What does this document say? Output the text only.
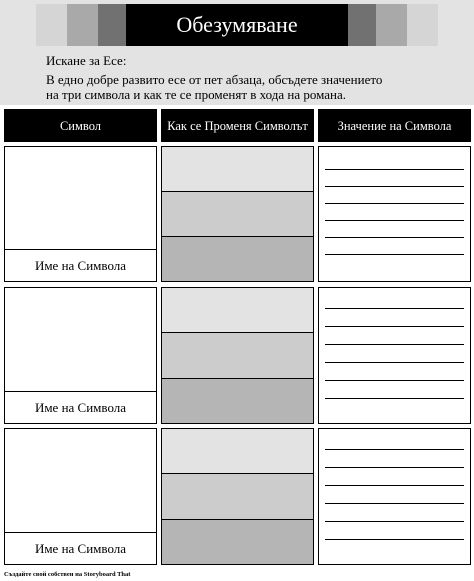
Обезумяване
Искане за Есе:
В едно добре развито есе от пет абзаца, обсъдете значението на три символа и как те се променят в хода на романа.
Символ	Как се Променя Символът	Значение на Символа
Име на Символа
Име на Символа
Име на Символа
Създайте свой собствен на Storyboard That
